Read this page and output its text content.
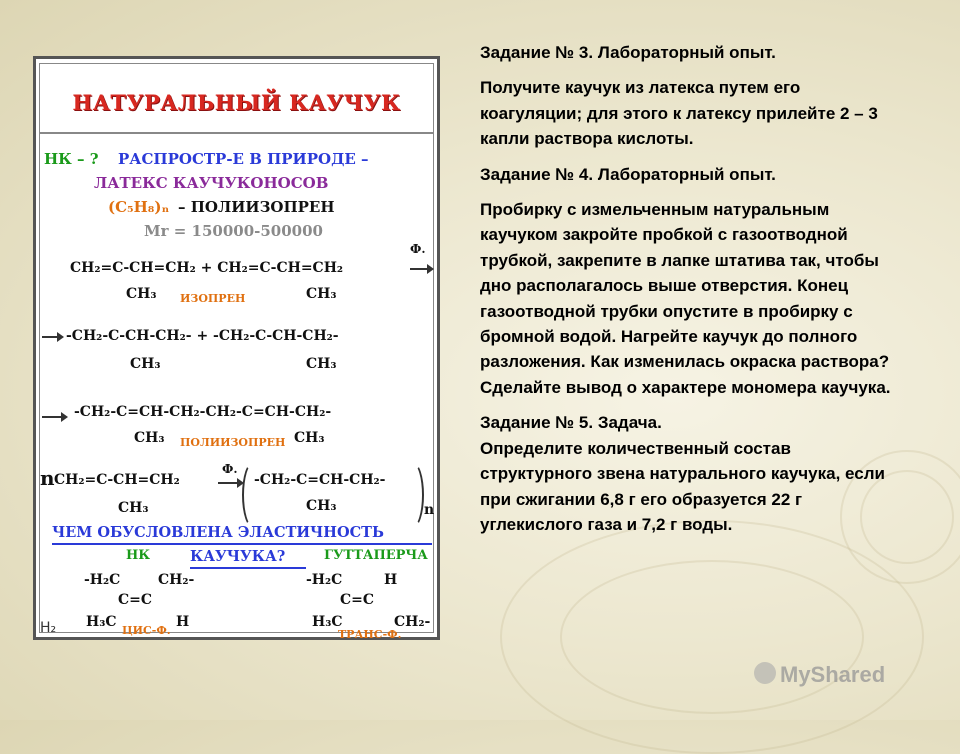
НАТУРАЛЬНЫЙ КАУЧУК
НК – ? РАСПРОСТР-Е В ПРИРОДЕ –
ЛАТЕКС КАУЧУКОНОСОВ
(C₅H₈)ₙ – ПОЛИИЗОПРЕН
Mr = 150000-500000
Ф.
CH₂=C-CH=CH₂ + CH₂=C-CH=CH₂
CH₃ ИЗОПРЕН	CH₃
→ -CH₂-C-CH-CH₂- + -CH₂-C-CH-CH₂-
CH₃	CH₃
→ -CH₂-C=CH-CH₂-CH₂-C=CH-CH₂-
CH₃ ПОЛИИЗОПРЕН CH₃
n CH₂=C-CH=CH₂
Ф.
→ -CH₂-C=CH-CH₂-
CH₃	CH₃	n
ЧЕМ ОБУСЛОВЛЕНА ЭЛАСТИЧНОСТЬ
НК	КАУЧУКА?	ГУТТАПЕРЧА
-H₂C	CH₂-	-H₂C	H
C=C	C=C
H₂ H₃C
ЦИС-Ф.
H	H₃C	CH₂-
ТРАНС-Ф.

Задание № 3. Лабораторный опыт.

Получите каучук из латекса путем его коагуляции; для этого к латексу прилейте 2 – 3 капли раствора кислоты.

Задание № 4. Лабораторный опыт.

Пробирку с измельченным натуральным каучуком закройте пробкой с газоотводной трубкой, закрепите в лапке штатива так, чтобы дно располагалось выше отверстия. Конец газоотводной трубки опустите в пробирку с бромной водой. Нагрейте каучук до полного разложения. Как изменилась окраска раствора? Сделайте вывод о характере мономера каучука.

Задание № 5. Задача.

Определите количественный состав структурного звена натурального каучука, если при сжигании 6,8 г его образуется 22 г углекислого газа и 7,2 г воды.

MyShared
